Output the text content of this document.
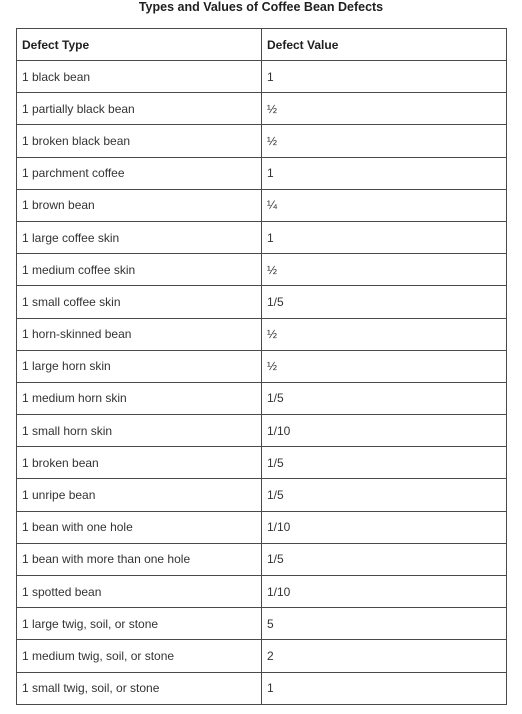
Types and Values of Coffee Bean Defects
Defect Type	Defect Value
1 black bean	1
1 partially black bean	½
1 broken black bean	½
1 parchment coffee	1
1 brown bean	¼
1 large coffee skin	1
1 medium coffee skin	½
1 small coffee skin	1/5
1 horn-skinned bean	½
1 large horn skin	½
1 medium horn skin	1/5
1 small horn skin	1/10
1 broken bean	1/5
1 unripe bean	1/5
1 bean with one hole	1/10
1 bean with more than one hole	1/5
1 spotted bean	1/10
1 large twig, soil, or stone	5
1 medium twig, soil, or stone	2
1 small twig, soil, or stone	1
